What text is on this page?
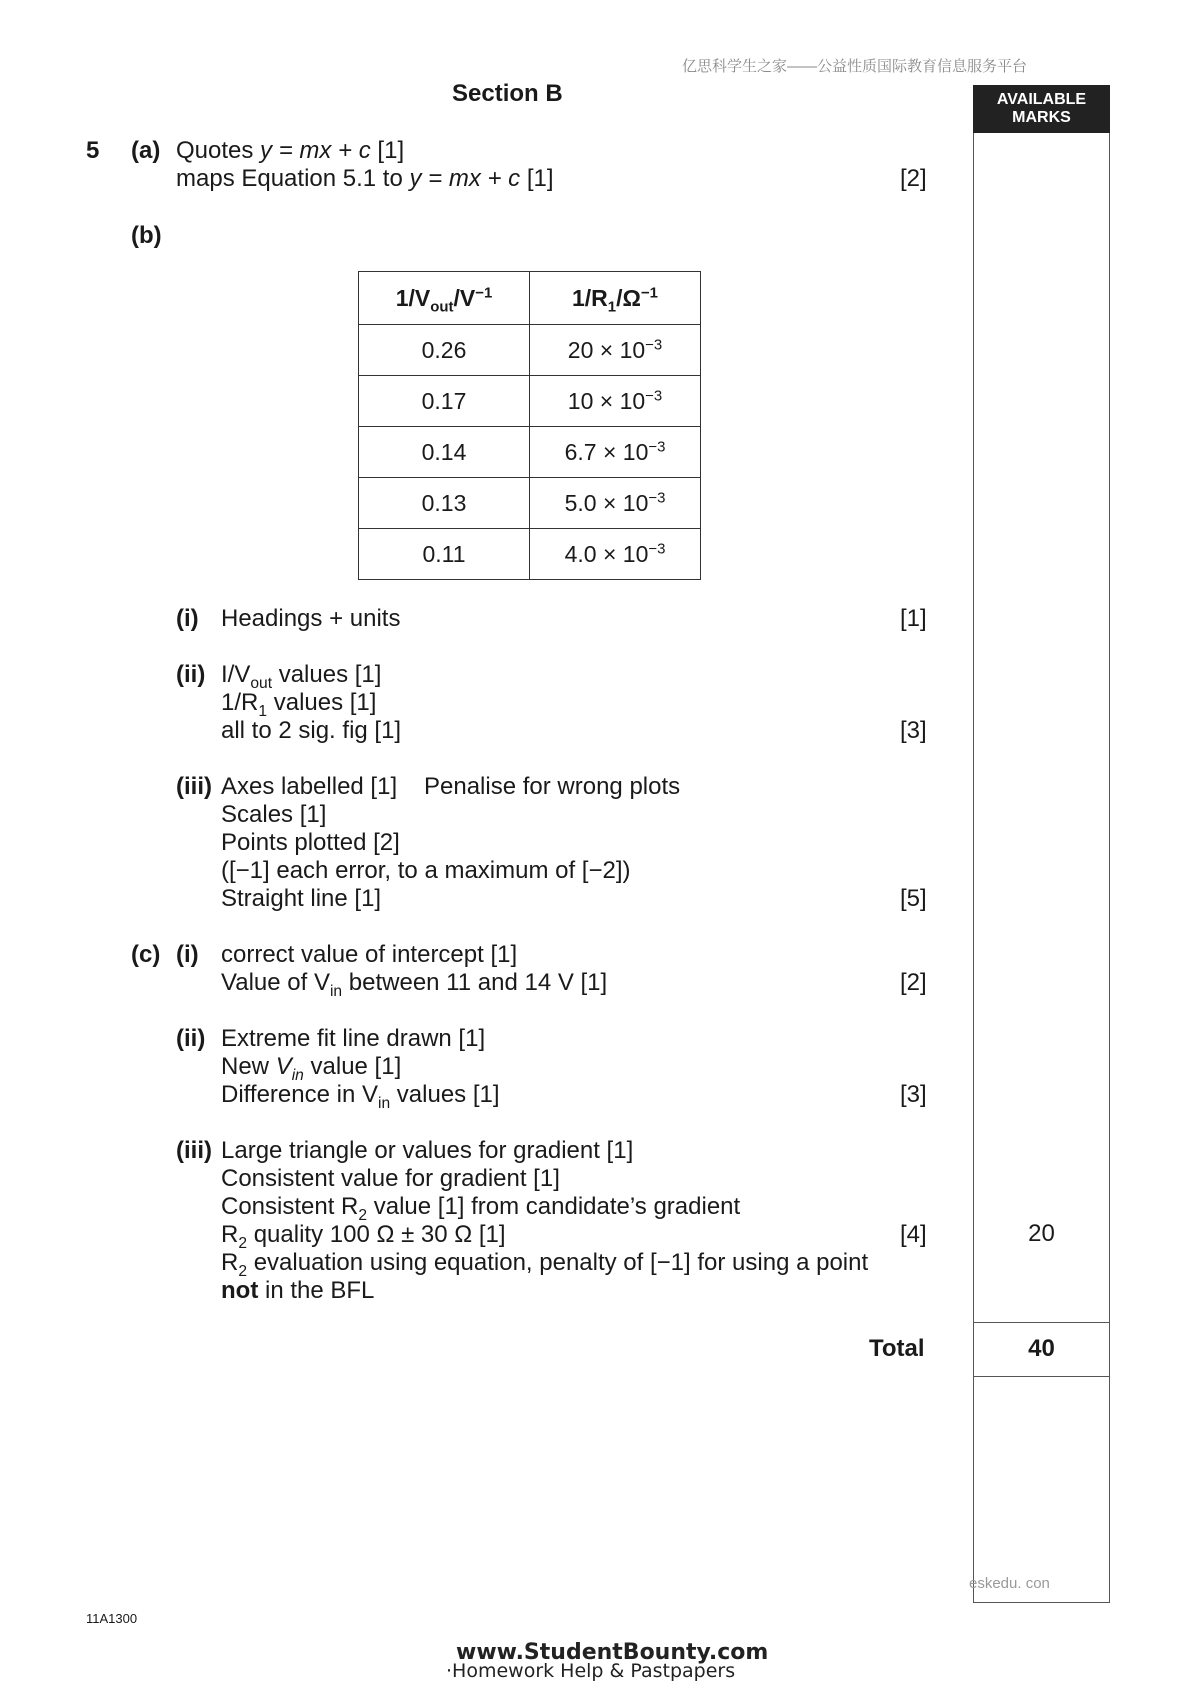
亿思科学生之家——公益性质国际教育信息服务平台
Section B	AVAILABLE MARKS
5 (a) Quotes y = mx + c [1]
maps Equation 5.1 to y = mx + c [1]	[2]
(b)
$1/V_{out}/V^{-1}$	$1/R_1/\Omega^{-1}$
0.26	$20 \times 10^{-3}$
0.17	$10 \times 10^{-3}$
0.14	$6.7 \times 10^{-3}$
0.13	$5.0 \times 10^{-3}$
0.11	$4.0 \times 10^{-3}$
(i) Headings + units	[1]
(ii) $I/V_{out}$ values [1]
$1/R_1$ values [1]
all to 2 sig. fig [1]	[3]
(iii) Axes labelled [1] Penalise for wrong plots
Scales [1]
Points plotted [2]
([−1] each error, to a maximum of [−2])
Straight line [1]	[5]
(c) (i) correct value of intercept [1]
Value of $V_{in}$ between 11 and 14 V [1]	[2]
(ii) Extreme fit line drawn [1]
New $V_{in}$ value [1]
Difference in $V_{in}$ values [1]	[3]
(iii) Large triangle or values for gradient [1]
Consistent value for gradient [1]
Consistent $R_2$ value [1] from candidate’s gradient
$R_2$ quality 100 Ω ± 30 Ω [1]	[4]
$R_2$ evaluation using equation, penalty of [−1] for using a point
not in the BFL
20
Total	40
eskedu. con
11A1300
www.StudentBounty.com
·Homework Help & Pastpapers
